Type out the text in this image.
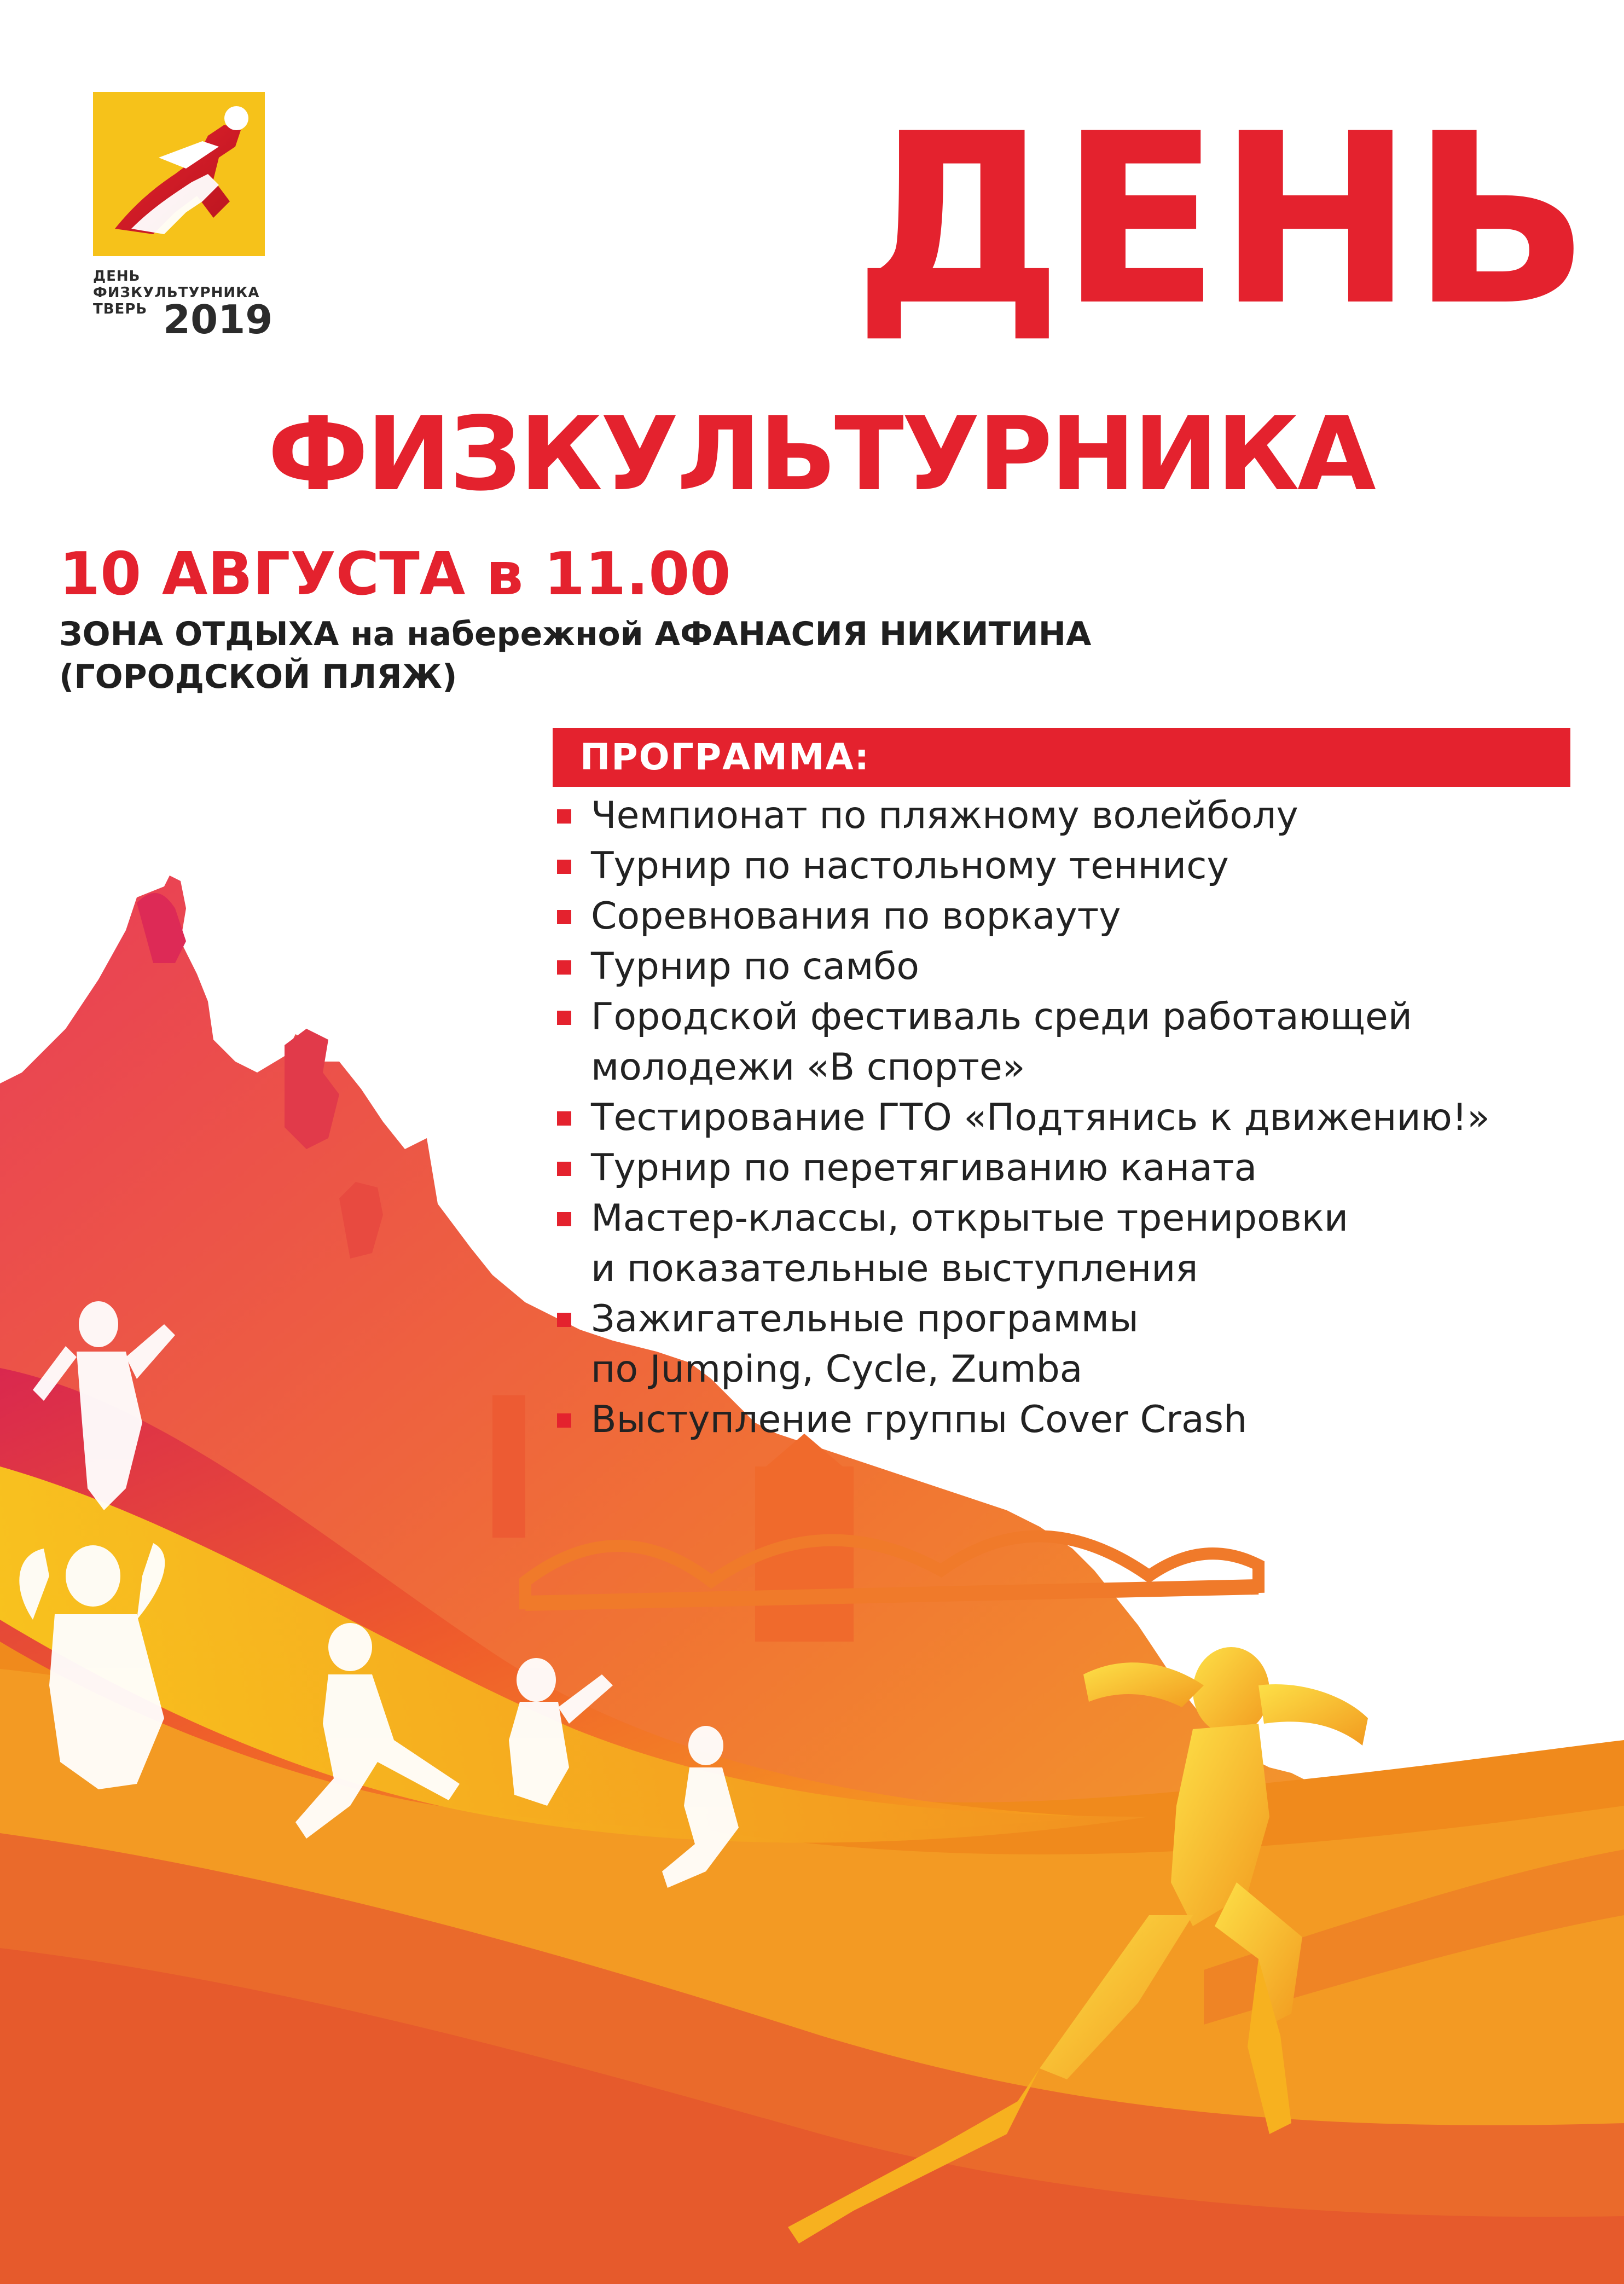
ДЕНЬ
ФИЗКУЛЬТУРНИКА
ТВЕРЬ 2019	ДЕНЬ
ФИЗКУЛЬТУРНИКА
10 АВГУСТА в 11.00
ЗОНА ОТДЫХА на набережной АФАНАСИЯ НИКИТИНА
(ГОРОДСКОЙ ПЛЯЖ)
ПРОГРАММА:
Чемпионат по пляжному волейболу
Турнир по настольному теннису
Соревнования по воркауту
Турнир по самбо
Городской фестиваль среди работающей
молодежи «В спорте»
Тестирование ГТО «Подтянись к движению!»
Турнир по перетягиванию каната
Мастер-классы, открытые тренировки
и показательные выступления
Зажигательные программы
по Jumping, Cycle, Zumba
Выступление группы Cover Crash
